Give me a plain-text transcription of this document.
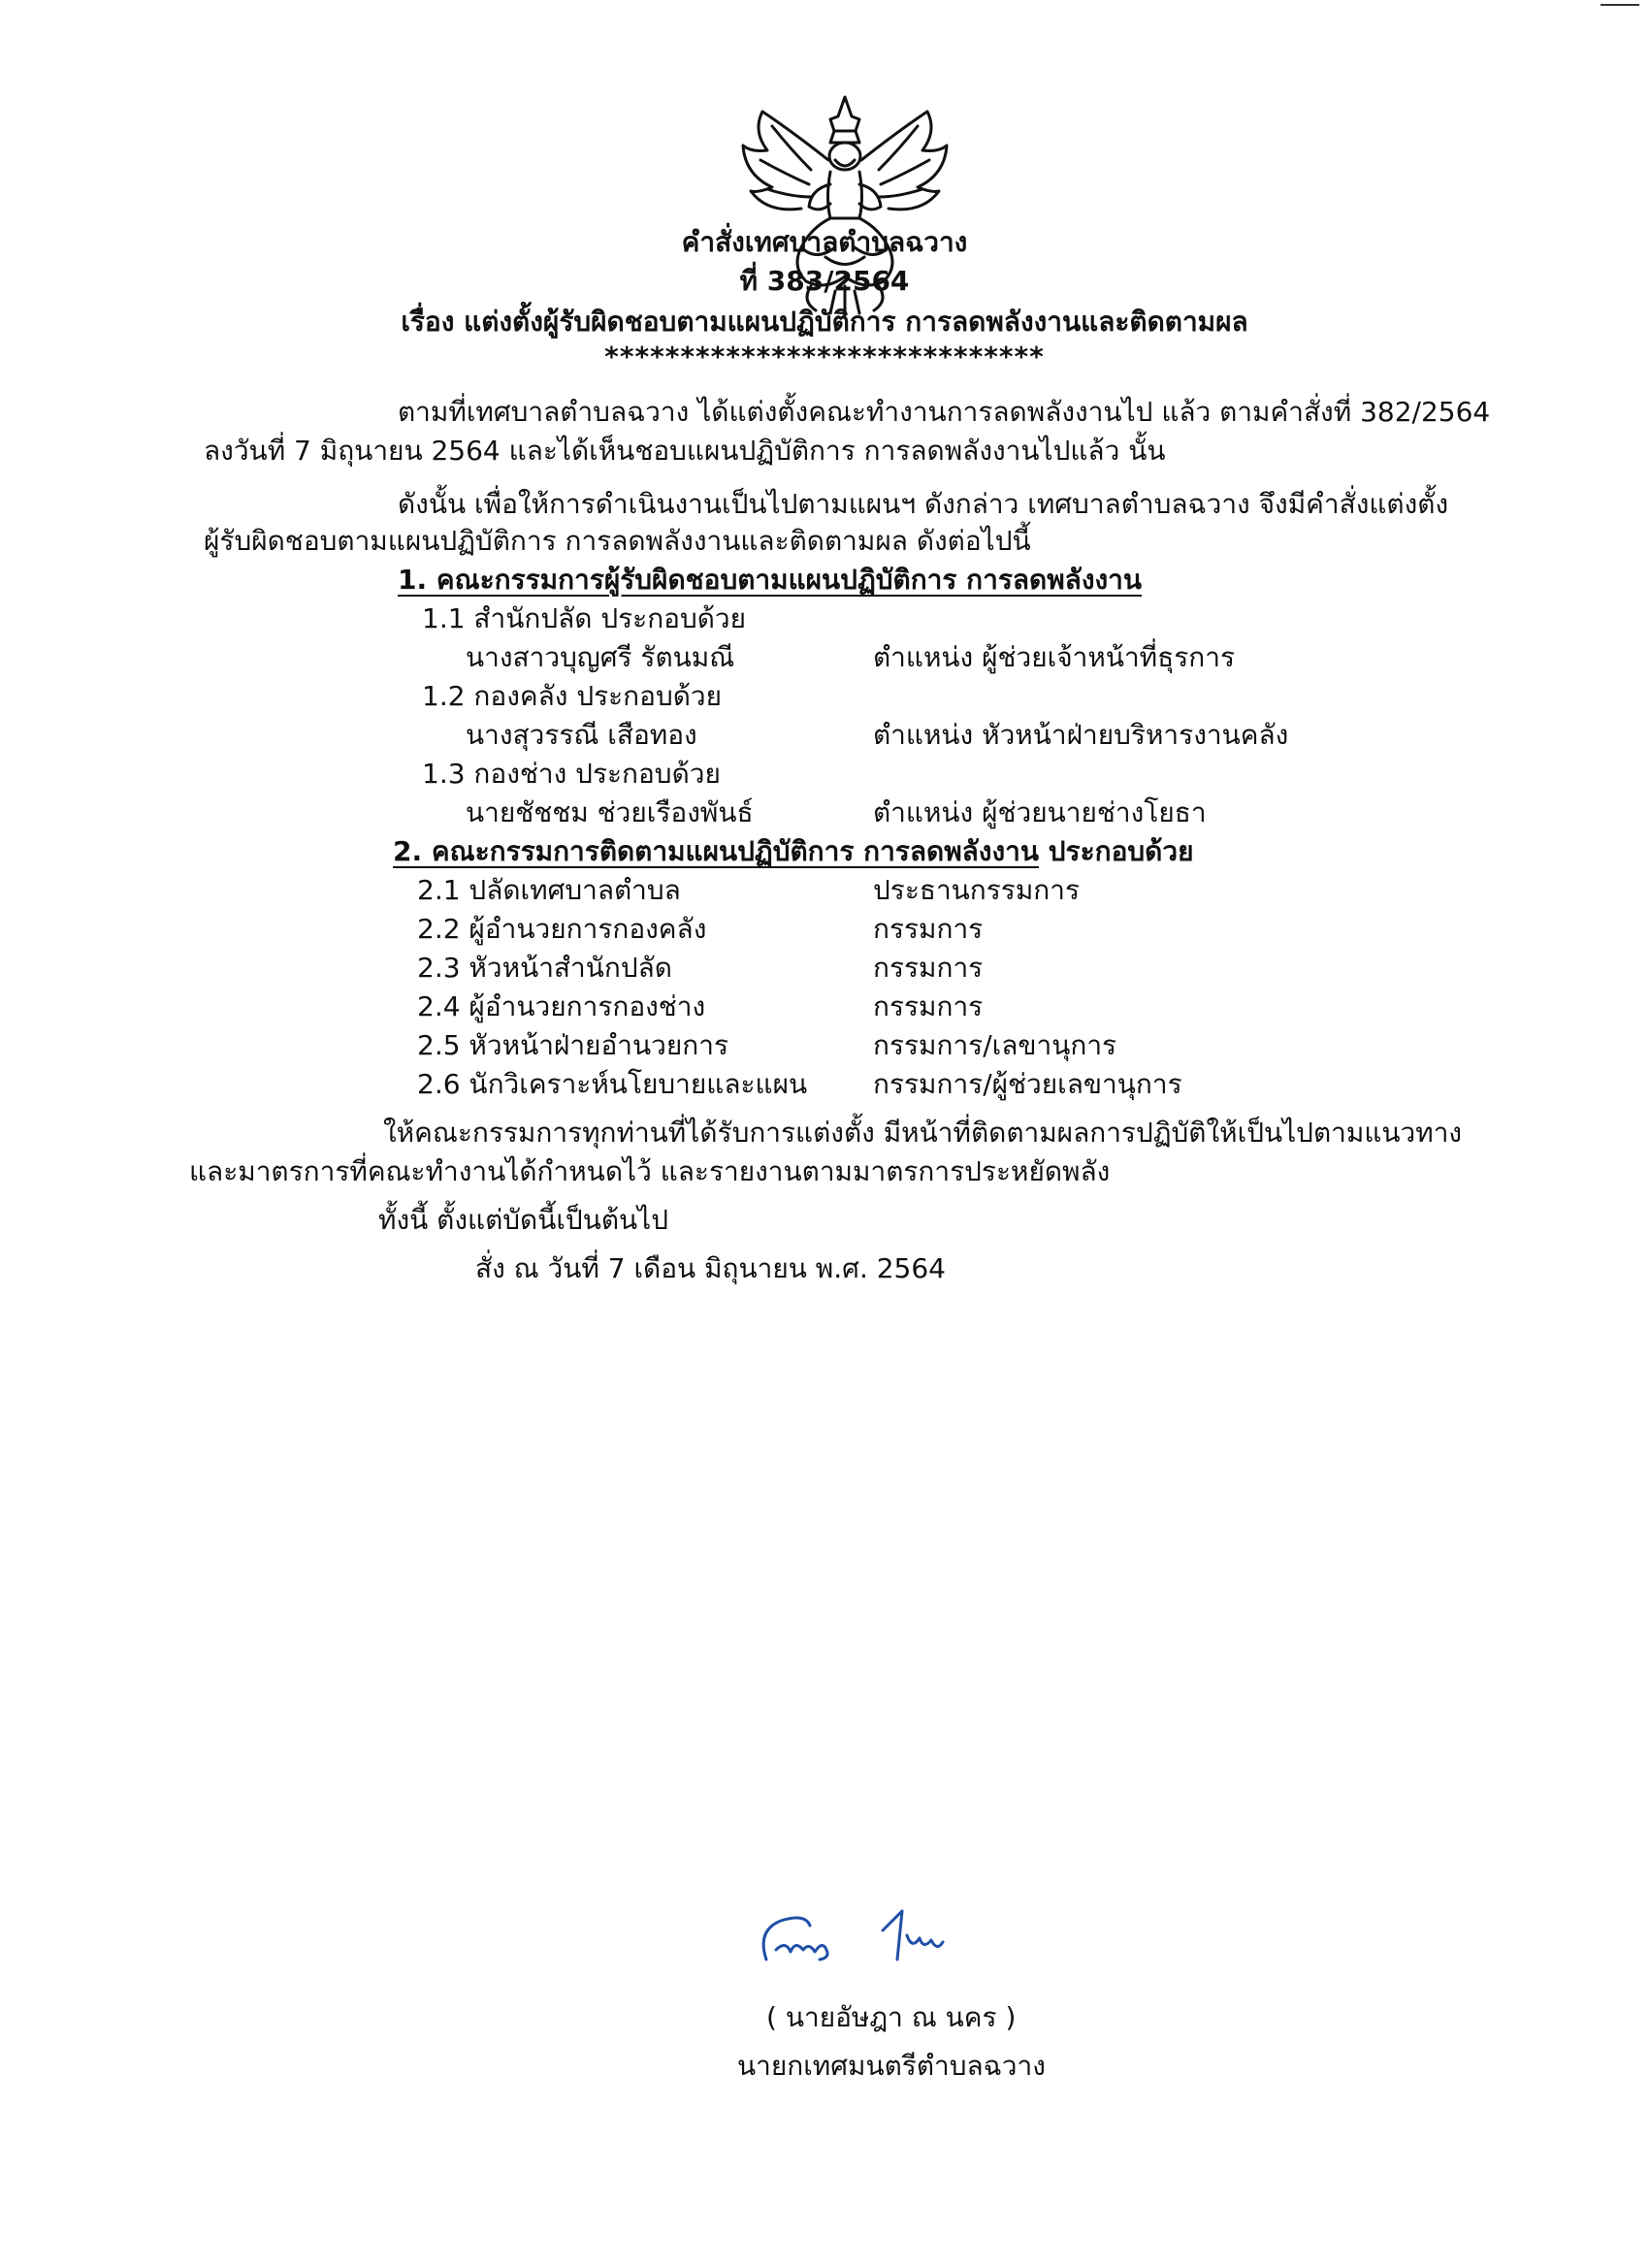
คำสั่งเทศบาลตำบลฉวาง
ที่ 383/2564
เรื่อง แต่งตั้งผู้รับผิดชอบตามแผนปฏิบัติการ การลดพลังงานและติดตามผล
*****************************
ตามที่เทศบาลตำบลฉวาง ได้แต่งตั้งคณะทำงานการลดพลังงานไป แล้ว ตามคำสั่งที่ 382/2564
ลงวันที่ 7 มิถุนายน 2564 และได้เห็นชอบแผนปฏิบัติการ การลดพลังงานไปแล้ว นั้น
ดังนั้น เพื่อให้การดำเนินงานเป็นไปตามแผนฯ ดังกล่าว เทศบาลตำบลฉวาง จึงมีคำสั่งแต่งตั้ง
ผู้รับผิดชอบตามแผนปฏิบัติการ การลดพลังงานและติดตามผล ดังต่อไปนี้
1. คณะกรรมการผู้รับผิดชอบตามแผนปฏิบัติการ การลดพลังงาน
1.1 สำนักปลัด ประกอบด้วย
นางสาวบุญศรี รัตนมณี	ตำแหน่ง ผู้ช่วยเจ้าหน้าที่ธุรการ
1.2 กองคลัง ประกอบด้วย
นางสุวรรณี เสือทอง	ตำแหน่ง หัวหน้าฝ่ายบริหารงานคลัง
1.3 กองช่าง ประกอบด้วย
นายชัชชม ช่วยเรืองพันธ์	ตำแหน่ง ผู้ช่วยนายช่างโยธา
2. คณะกรรมการติดตามแผนปฏิบัติการ การลดพลังงาน ประกอบด้วย
2.1 ปลัดเทศบาลตำบล	ประธานกรรมการ
2.2 ผู้อำนวยการกองคลัง	กรรมการ
2.3 หัวหน้าสำนักปลัด	กรรมการ
2.4 ผู้อำนวยการกองช่าง	กรรมการ
2.5 หัวหน้าฝ่ายอำนวยการ	กรรมการ/เลขานุการ
2.6 นักวิเคราะห์นโยบายและแผน กรรมการ/ผู้ช่วยเลขานุการ
ให้คณะกรรมการทุกท่านที่ได้รับการแต่งตั้ง มีหน้าที่ติดตามผลการปฏิบัติให้เป็นไปตามแนวทาง
และมาตรการที่คณะทำงานได้กำหนดไว้ และรายงานตามมาตรการประหยัดพลัง
ทั้งนี้ ตั้งแต่บัดนี้เป็นต้นไป
สั่ง ณ วันที่ 7 เดือน มิถุนายน พ.ศ. 2564
( นายอัษฎา ณ นคร )
นายกเทศมนตรีตำบลฉวาง
